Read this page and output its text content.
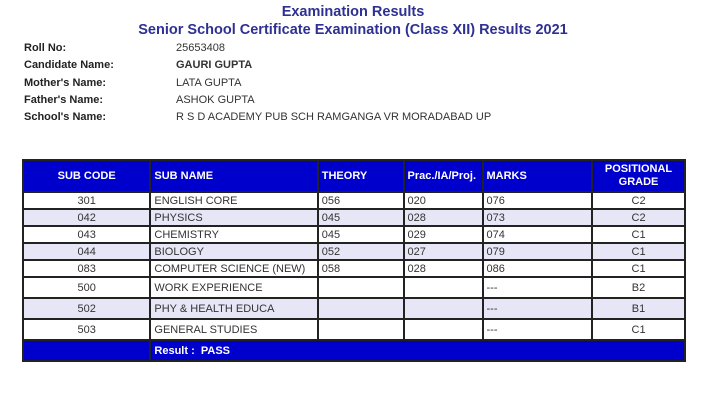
Examination Results
Senior School Certificate Examination (Class XII) Results 2021
Roll No:	25653408
Candidate Name:	GAURI GUPTA
Mother's Name:	LATA GUPTA
Father's Name:	ASHOK GUPTA
School's Name:	R S D ACADEMY PUB SCH RAMGANGA VR MORADABAD UP
SUB CODE	SUB NAME	THEORY	Prac./IA/Proj.	MARKS	POSITIONAL GRADE
301	ENGLISH CORE	056	020	076	C2
042	PHYSICS	045	028	073	C2
043	CHEMISTRY	045	029	074	C1
044	BIOLOGY	052	027	079	C1
083	COMPUTER SCIENCE (NEW)	058	028	086	C1
500	WORK EXPERIENCE			---	B2
502	PHY & HEALTH EDUCA			---	B1
503	GENERAL STUDIES			---	C1
	Result : PASS				
